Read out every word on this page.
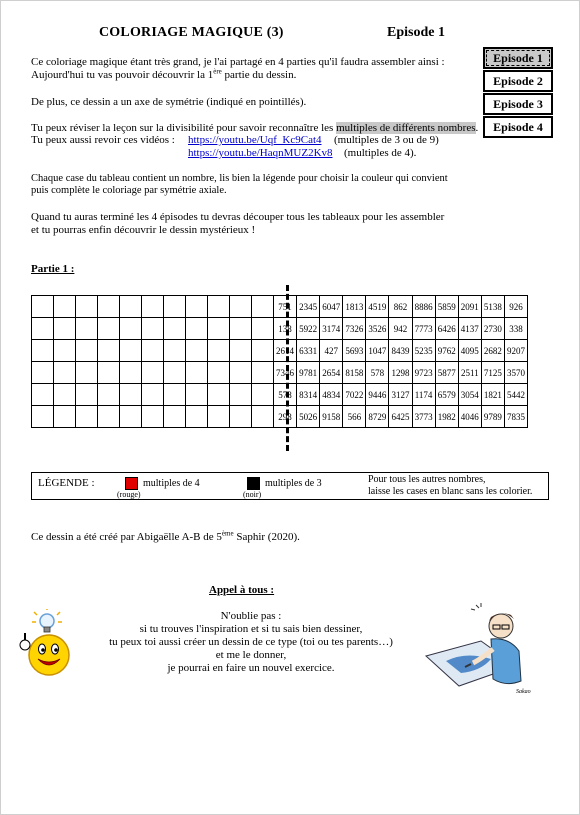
COLORIAGE MAGIQUE (3)	Episode 1
Episode 1
Episode 2
Episode 3
Episode 4
Ce coloriage magique étant très grand, je l'ai partagé en 4 parties qu'il faudra assembler ainsi :
Aujourd'hui tu vas pouvoir découvrir la 1ère partie du dessin.
De plus, ce dessin a un axe de symétrie (indiqué en pointillés).
Tu peux réviser la leçon sur la divisibilité pour savoir reconnaître les multiples de différents nombres.
Tu peux aussi revoir ces vidéos : https://youtu.be/Uqf_Kc9Cat4 (multiples de 3 ou de 9)
https://youtu.be/HaqnMUZ2Kv8 (multiples de 4).
Chaque case du tableau contient un nombre, lis bien la légende pour choisir la couleur qui convient
puis complète le coloriage par symétrie axiale.
Quand tu auras terminé les 4 épisodes tu devras découper tous les tableaux pour les assembler
et tu pourras enfin découvrir le dessin mystérieux !
Partie 1 :
											751	2345	6047	1813	4519	862	8886	5859	2091	5138	926
											138	5922	3174	7326	3526	942	7773	6426	4137	2730	338
											2614	6331	427	5693	1047	8439	5235	9762	4095	2682	9207
											7346	9781	2654	8158	578	1298	9723	5877	2511	7125	3570
											578	8314	4834	7022	9446	3127	1174	6579	3054	1821	5442
											298	5026	9158	566	8729	6425	3773	1982	4046	9789	7835
LÉGENDE :	multiples de 4
(rouge)
multiples de 3
(noir)
Pour tous les autres nombres,
laisse les cases en blanc sans les colorier.
Ce dessin a été créé par Abigaëlle A-B de 5ème Saphir (2020).
Appel à tous :
N'oublie pas :
si tu trouves l'inspiration et si tu sais bien dessiner,
tu peux toi aussi créer un dessin de ce type (toi ou tes parents…)
et me le donner,
je pourrai en faire un nouvel exercice.
Sakao
